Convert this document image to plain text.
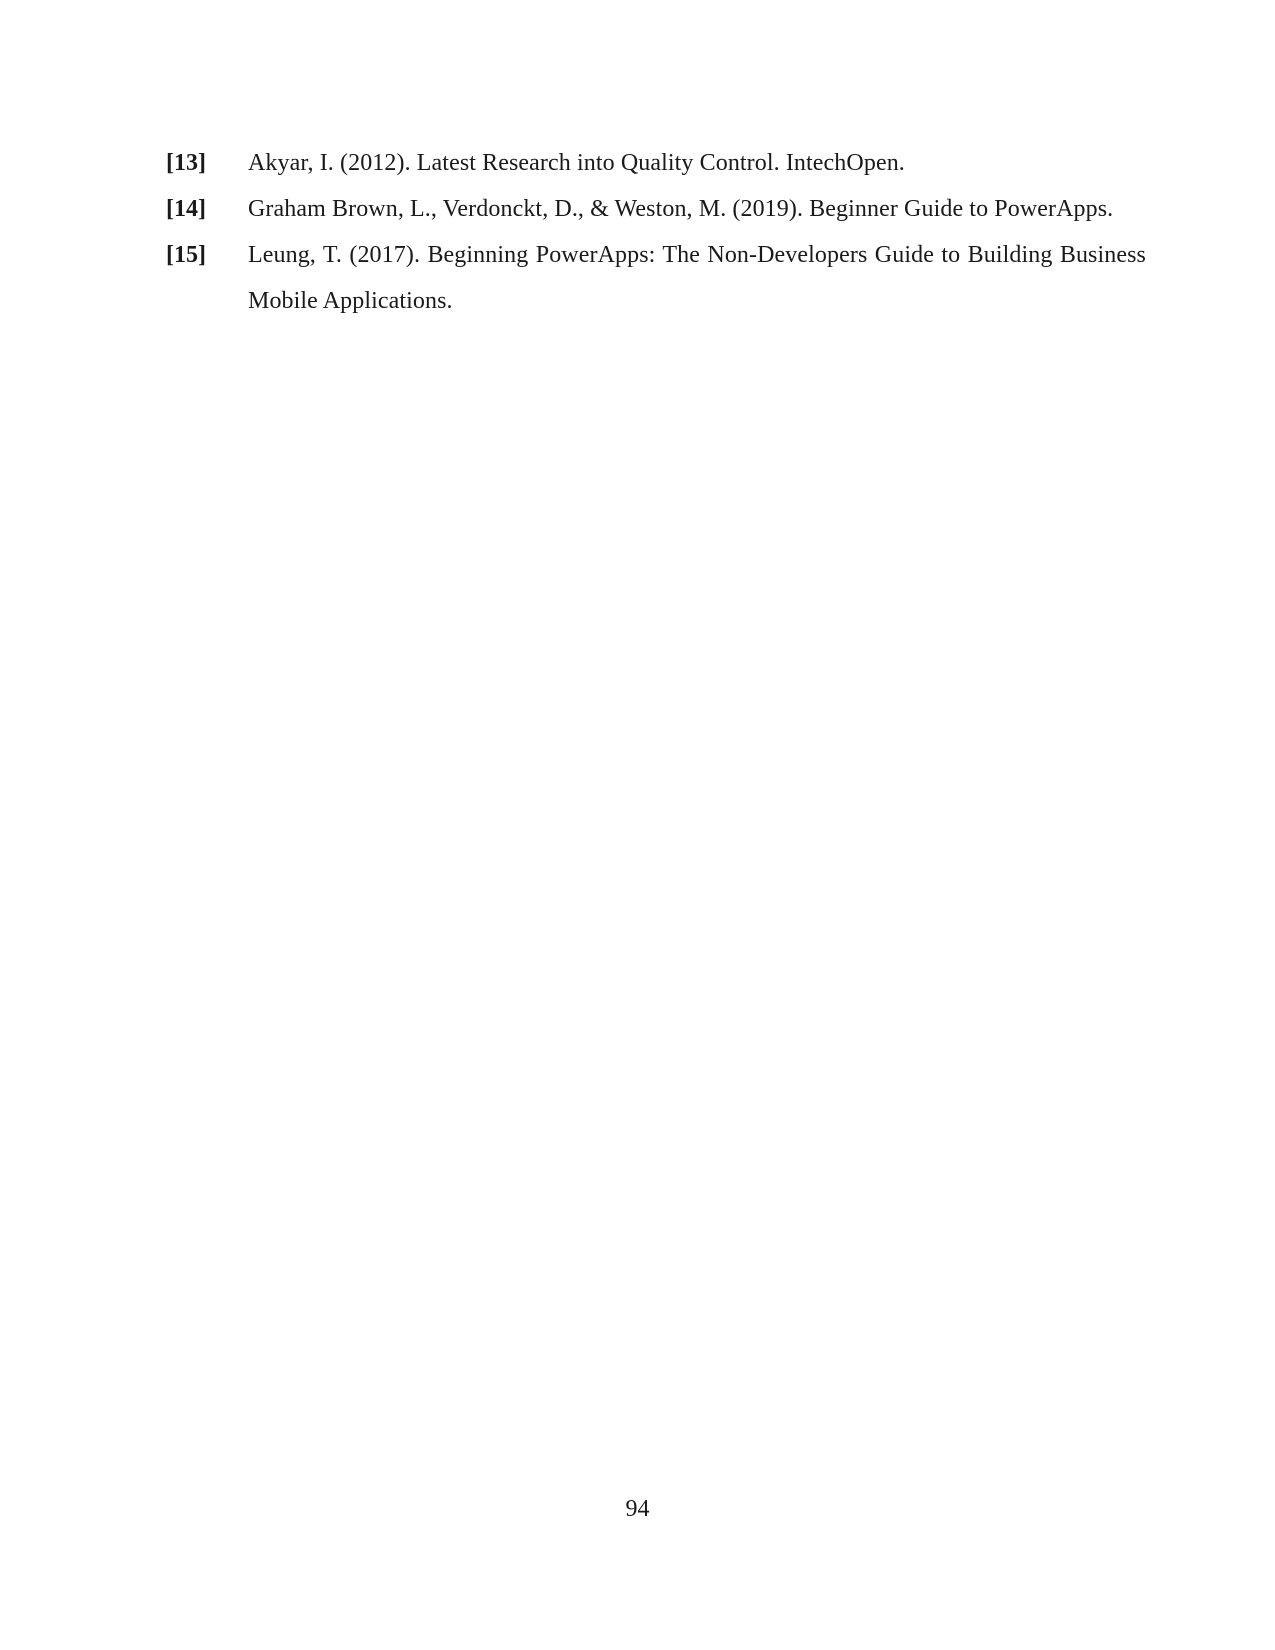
[13]	Akyar, I. (2012). Latest Research into Quality Control. IntechOpen.
[14]	Graham Brown, L., Verdonckt, D., & Weston, M. (2019). Beginner Guide to PowerApps.
[15]	Leung, T. (2017). Beginning PowerApps: The Non-Developers Guide to Building Business Mobile Applications.
94
